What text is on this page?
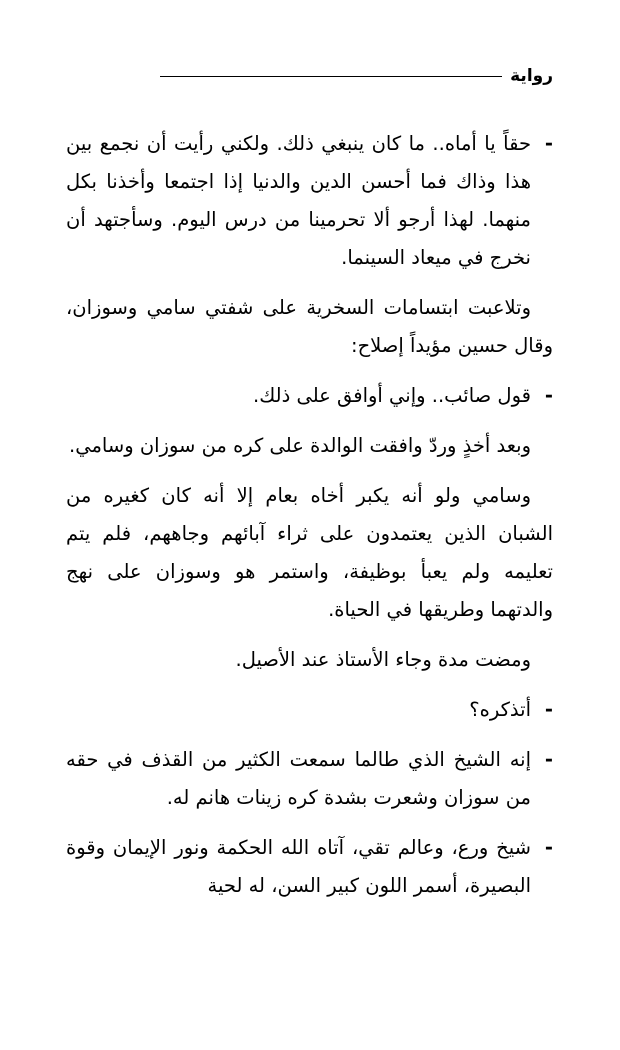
رواية

-
حقاً يا أماه.. ما كان ينبغي ذلك. ولكني رأيت أن نجمع بين هذا وذاك فما أحسن الدين والدنيا إذا اجتمعا وأخذنا بكل منهما. لهذا أرجو ألا تحرمينا من درس اليوم. وسأجتهد أن نخرج في ميعاد السينما.

وتلاعبت ابتسامات السخرية على شفتي سامي وسوزان، وقال حسين مؤيداً إصلاح:

-
قول صائب.. وإني أوافق على ذلك.

وبعد أخذٍ وردّ وافقت الوالدة على كره من سوزان وسامي.

وسامي ولو أنه يكبر أخاه بعام إلا أنه كان كغيره من الشبان الذين يعتمدون على ثراء آبائهم وجاههم، فلم يتم تعليمه ولم يعبأ بوظيفة، واستمر هو وسوزان على نهج والدتهما وطريقها في الحياة.

ومضت مدة وجاء الأستاذ عند الأصيل.

-
أتذكره؟

-
إنه الشيخ الذي طالما سمعت الكثير من القذف في حقه من سوزان وشعرت بشدة كره زينات هانم له.

-
شيخ ورع، وعالم تقي، آتاه الله الحكمة ونور الإيمان وقوة البصيرة، أسمر اللون كبير السن، له لحية
